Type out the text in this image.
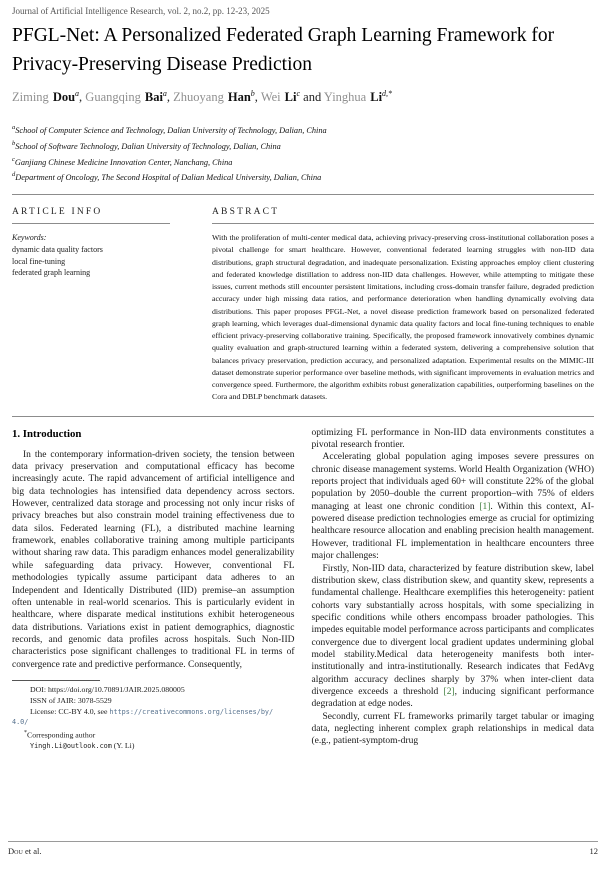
Journal of Artificial Intelligence Research, vol. 2, no.2, pp. 12-23, 2025
PFGL-Net: A Personalized Federated Graph Learning Framework for Privacy-Preserving Disease Prediction
Ziming Dou$^a$, Guangqing Bai$^a$, Zhuoyang Han$^b$, Wei Li$^c$ and Yinghua $Li^{d,*}$
$^a$School of Computer Science and Technology, Dalian University of Technology, Dalian, China
$^b$School of Software Technology, Dalian University of Technology, Dalian, China
$^c$Ganjiang Chinese Medicine Innovation Center, Nanchang, China
$^d$Department of Oncology, The Second Hospital of Dalian Medical University, Dalian, China
ARTICLE INFO
Keywords:
dynamic data quality factors
local fine-tuning
federated graph learning
ABSTRACT

With the proliferation of multi-center medical data, achieving privacy-preserving cross-institutional collaboration poses a pivotal challenge for smart healthcare. However, conventional federated learning struggles with non-IID data distributions, graph structural degradation, and inadequate personalization. Existing approaches employ client clustering and federated knowledge distillation to address non-IID data challenges. However, while attempting to mitigate these issues, current methods still encounter persistent limitations, including cross-domain transfer failure, degraded prediction accuracy under high missing data ratios, and performance deterioration when handling dynamically evolving data distributions. This paper proposes PFGL-Net, a novel disease prediction framework based on personalized federated graph learning, which leverages dual-dimensional dynamic data quality factors and local fine-tuning techniques to enable efficient privacy-preserving collaborative training. Specifically, the proposed framework innovatively combines dynamic quality evaluation and graph-structured learning within a federated system, delivering a comprehensive solution that balances privacy preservation, prediction accuracy, and personalized adaptation. Experimental results on the MIMIC-III dataset demonstrate superior performance over baseline methods, with significant improvements in evaluation metrics and convergence speed. Furthermore, the algorithm exhibits robust generalization capabilities, outperforming baselines on the Cora and DBLP benchmark datasets.

1. Introduction

In the contemporary information-driven society, the tension between data privacy preservation and computational efficacy has become increasingly acute. The rapid advancement of artificial intelligence and big data technologies has intensified data dependency across sectors. However, centralized data storage and processing not only incur risks of privacy breaches but also constrain model training effectiveness due to data silos. Federated learning (FL), a distributed machine learning framework, enables collaborative training among multiple participants without sharing raw data. This paradigm enhances model generalizability while safeguarding data privacy. However, conventional FL methodologies typically assume participant data adheres to an Independent and Identically Distributed (IID) premise–an assumption often untenable in real-world scenarios. This is particularly evident in healthcare, where disparate medical institutions exhibit heterogeneous data distributions. Variations exist in patient demographics, diagnostic records, and genomic data profiles across hospitals. Such Non-IID characteristics pose significant challenges to traditional FL in terms of convergence rate and predictive performance. Consequently,

DOI: https://doi.org/10.70891/JAIR.2025.080005
ISSN of JAIR: 3078-5529
License: CC-BY 4.0, see https://creativecommons.org/licenses/by/
4.0/
*Corresponding author
Yingh.Li@outlook.com (Y. Li)

optimizing FL performance in Non-IID data environments constitutes a pivotal research frontier.

Accelerating global population aging imposes severe pressures on chronic disease management systems. World Health Organization (WHO) reports project that individuals aged 60+ will constitute 22% of the global population by 2050–double the current proportion–with 75% of elders managing at least one chronic condition [1]. Within this context, AI-powered disease prediction technologies emerge as crucial for optimizing healthcare resource allocation and enabling precision health management. However, traditional FL implementation in healthcare encounters three major challenges:

Firstly, Non-IID data, characterized by feature distribution skew, label distribution skew, class distribution skew, and quantity skew, represents a fundamental challenge. Healthcare exemplifies this heterogeneity: patient cohorts vary substantially across hospitals, with some specializing in specific conditions while others encompass broader pathologies. This impedes equitable model performance across participants and complicates convergence due to divergent local gradient updates undermining global model stability.Medical data heterogeneity manifests both inter-institutionally and intra-institutionally. Research indicates that FedAvg algorithm accuracy declines sharply by 37% when inter-client data divergence exceeds a threshold [2], inducing significant performance degradation at edge nodes.

Secondly, current FL frameworks primarily target tabular or imaging data, neglecting inherent complex graph relationships in medical data (e.g., patient-symptom-drug

Dou et al.	12
